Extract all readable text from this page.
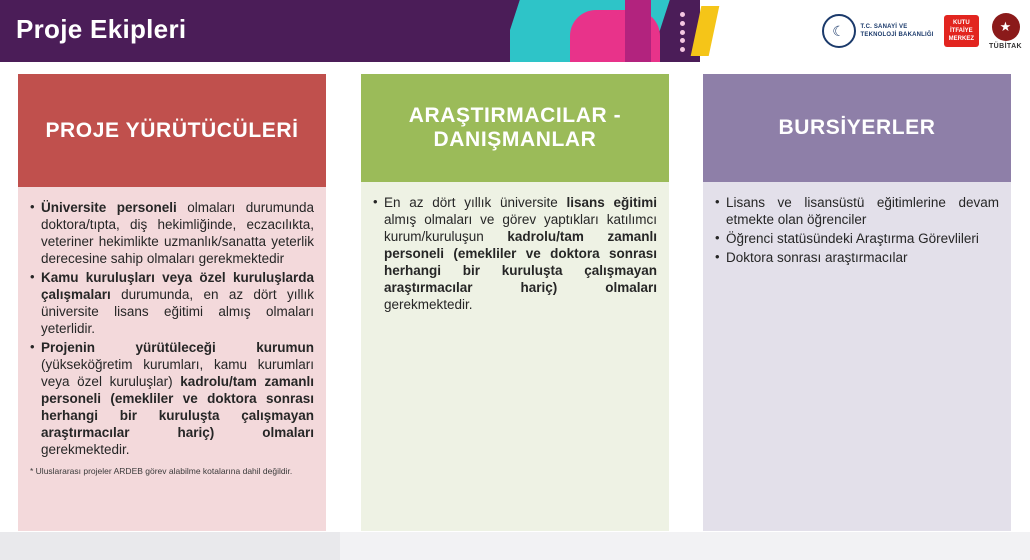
Proje Ekipleri	☾	T.C. SANAYİ VE
TEKNOLOJİ BAKANLIĞI
KUTU
İTFAİYE
MERKEZ
★
TÜBİTAK
PROJE YÜRÜTÜCÜLERİ
• Üniversite personeli olmaları durumunda doktora/tıpta, diş hekimliğinde, eczacılıkta, veteriner hekimlikte uzmanlık/sanatta yeterlik derecesine sahip olmaları gerekmektedir
• Kamu kuruluşları veya özel kuruluşlarda çalışmaları durumunda, en az dört yıllık üniversite lisans eğitimi almış olmaları yeterlidir.
• Projenin yürütüleceği kurumun (yükseköğretim kurumları, kamu kurumları veya özel kuruluşlar) kadrolu/tam zamanlı personeli (emekliler ve doktora sonrası herhangi bir kuruluşta çalışmayan araştırmacılar hariç) olmaları gerekmektedir.
* Uluslararası projeler ARDEB görev alabilme kotalarına dahil değildir.
ARAŞTIRMACILAR - DANIŞMANLAR
• En az dört yıllık üniversite lisans eğitimi almış olmaları ve görev yaptıkları katılımcı kurum/kuruluşun kadrolu/tam zamanlı personeli (emekliler ve doktora sonrası herhangi bir kuruluşta çalışmayan araştırmacılar hariç) olmaları gerekmektedir.
BURSİYERLER
• Lisans ve lisansüstü eğitimlerine devam etmekte olan öğrenciler
• Öğrenci statüsündeki Araştırma Görevlileri
• Doktora sonrası araştırmacılar
